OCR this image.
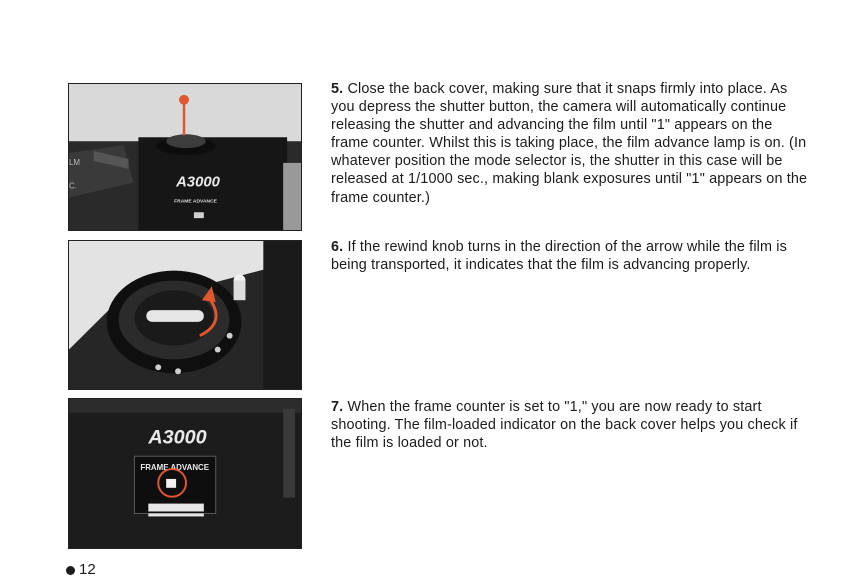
A3000
FRAME ADVANCE
LM
C.
A3000
FRAME ADVANCE

5. Close the back cover, making sure that it snaps firmly into place. As you depress the shutter button, the camera will automatically continue releasing the shutter and advancing the film until "1" appears on the frame counter. Whilst this is taking place, the film advance lamp is on. (In whatever position the mode selector is, the shutter in this case will be released at 1/1000 sec., making blank exposures until "1" appears on the frame counter.)

6. If the rewind knob turns in the direction of the arrow while the film is being transported, it indicates that the film is advancing properly.

7. When the frame counter is set to "1," you are now ready to start shooting. The film-loaded indicator on the back cover helps you check if the film is loaded or not.

12
